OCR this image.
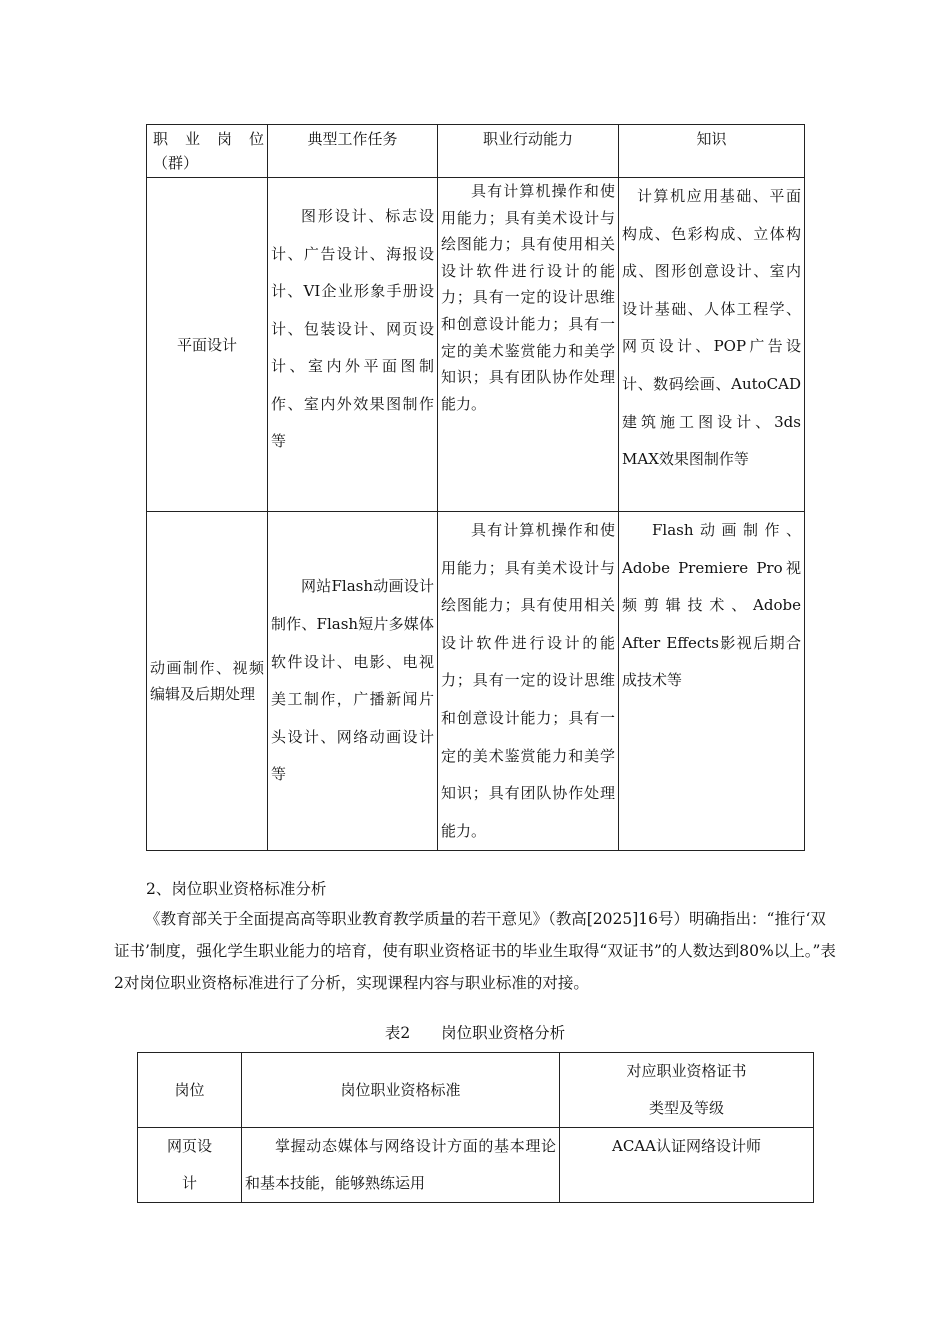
职 业 岗 位（群）	典型工作任务	职业行动能力	知识
平面设计	图形设计、标志设计、广告设计、海报设计、VI企业形象手册设计、包装设计、网页设计、室内外平面图制作、室内外效果图制作等	具有计算机操作和使用能力；具有美术设计与绘图能力；具有使用相关设计软件进行设计的能力；具有一定的设计思维和创意设计能力；具有一定的美术鉴赏能力和美学知识；具有团队协作处理能力。	计算机应用基础、平面构成、色彩构成、立体构成、图形创意设计、室内设计基础、人体工程学、网页设计、POP广告设计、数码绘画、AutoCAD建筑施工图设计、3ds MAX效果图制作等
动画制作、视频编辑及后期处理	网站Flash动画设计制作、Flash短片多媒体软件设计、电影、电视美工制作，广播新闻片头设计、网络动画设计等	具有计算机操作和使用能力；具有美术设计与绘图能力；具有使用相关设计软件进行设计的能力；具有一定的设计思维和创意设计能力；具有一定的美术鉴赏能力和美学知识；具有团队协作处理能力。	Flash动画制作、Adobe Premiere Pro视频剪辑技术、Adobe After Effects影视后期合成技术等

2、岗位职业资格标准分析

《教育部关于全面提高高等职业教育教学质量的若干意见》（教高[2025]16号）明确指出：“推行‘双证书’制度，强化学生职业能力的培育，使有职业资格证书的毕业生取得“双证书”的人数达到80%以上。”表2对岗位职业资格标准进行了分析，实现课程内容与职业标准的对接。

表2　　岗位职业资格分析

岗位	岗位职业资格标准	对应职业资格证书类型及等级
网页设计	掌握动态媒体与网络设计方面的基本理论和基本技能，能够熟练运用	ACAA认证网络设计师
